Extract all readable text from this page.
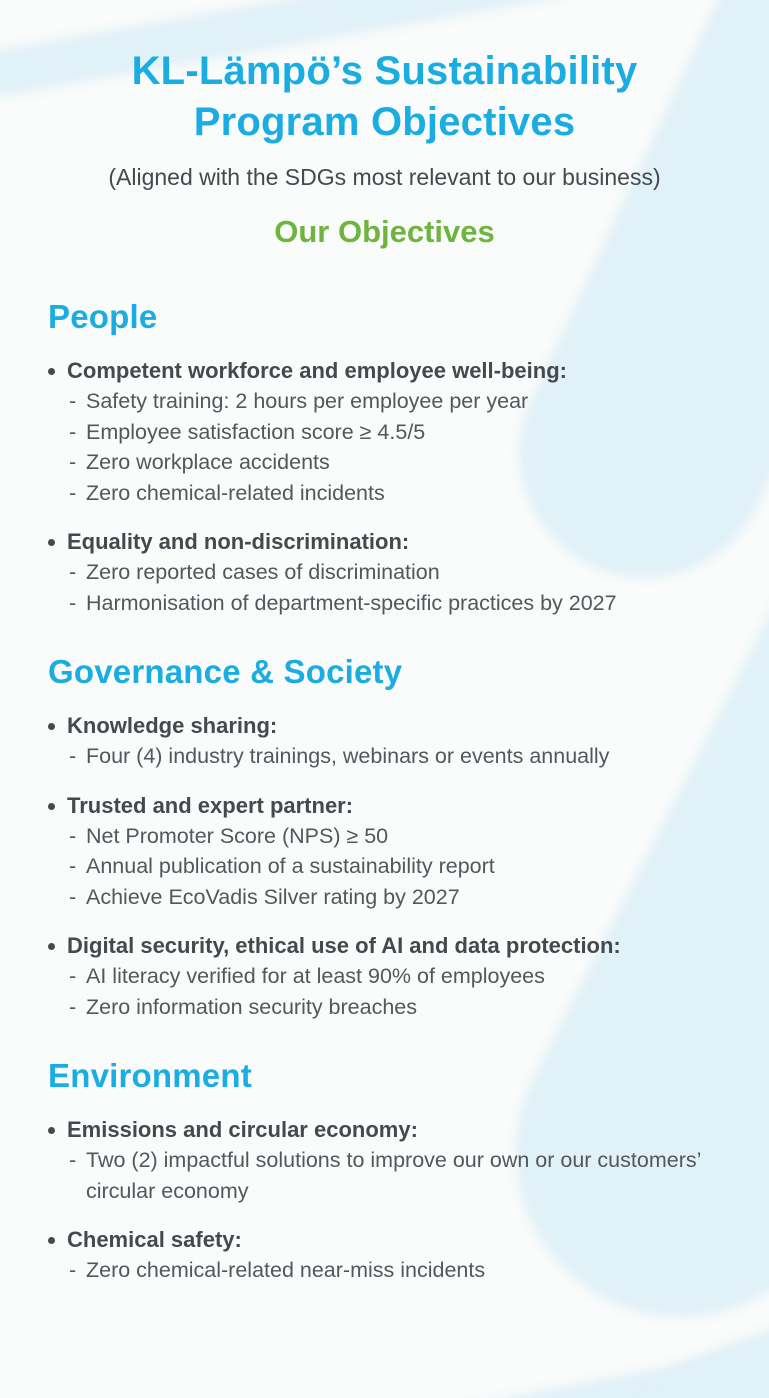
KL-Lämpö’s Sustainability
Program Objectives
(Aligned with the SDGs most relevant to our business)
Our Objectives
People
Competent workforce and employee well-being:
- Safety training: 2 hours per employee per year
- Employee satisfaction score ≥ 4.5/5
- Zero workplace accidents
- Zero chemical-related incidents
Equality and non-discrimination:
- Zero reported cases of discrimination
- Harmonisation of department-specific practices by 2027
Governance & Society
Knowledge sharing:
- Four (4) industry trainings, webinars or events annually
Trusted and expert partner:
- Net Promoter Score (NPS) ≥ 50
- Annual publication of a sustainability report
- Achieve EcoVadis Silver rating by 2027
Digital security, ethical use of AI and data protection:
- AI literacy verified for at least 90% of employees
- Zero information security breaches
Environment
Emissions and circular economy:
- Two (2) impactful solutions to improve our own or our customers’ circular economy
Chemical safety:
- Zero chemical-related near-miss incidents
